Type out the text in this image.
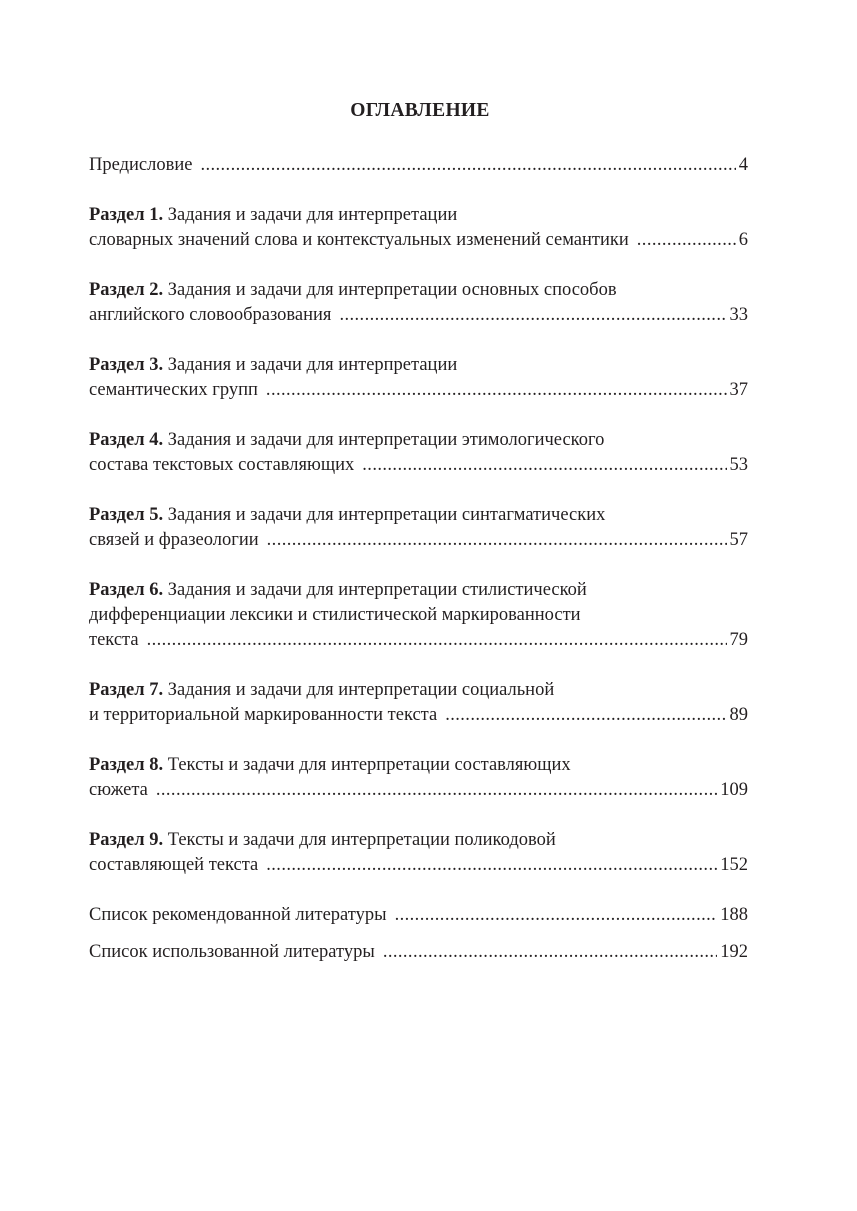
ОГЛАВЛЕНИЕ
Предисловие .....	4
Раздел 1. Задания и задачи для интерпретации
словарных значений слова и контекстуальных изменений семантики .....	6
Раздел 2. Задания и задачи для интерпретации основных способов
английского словообразования .....	33
Раздел 3. Задания и задачи для интерпретации
семантических групп .....	37
Раздел 4. Задания и задачи для интерпретации этимологического
состава текстовых составляющих .....	53
Раздел 5. Задания и задачи для интерпретации синтагматических
связей и фразеологии .....	57
Раздел 6. Задания и задачи для интерпретации стилистической
дифференциации лексики и стилистической маркированности
текста .....	79
Раздел 7. Задания и задачи для интерпретации социальной
и территориальной маркированности текста .....	89
Раздел 8. Тексты и задачи для интерпретации составляющих
сюжета .....	109
Раздел 9. Тексты и задачи для интерпретации поликодовой
составляющей текста .....	152
Список рекомендованной литературы .....	188
Список использованной литературы .....	192
